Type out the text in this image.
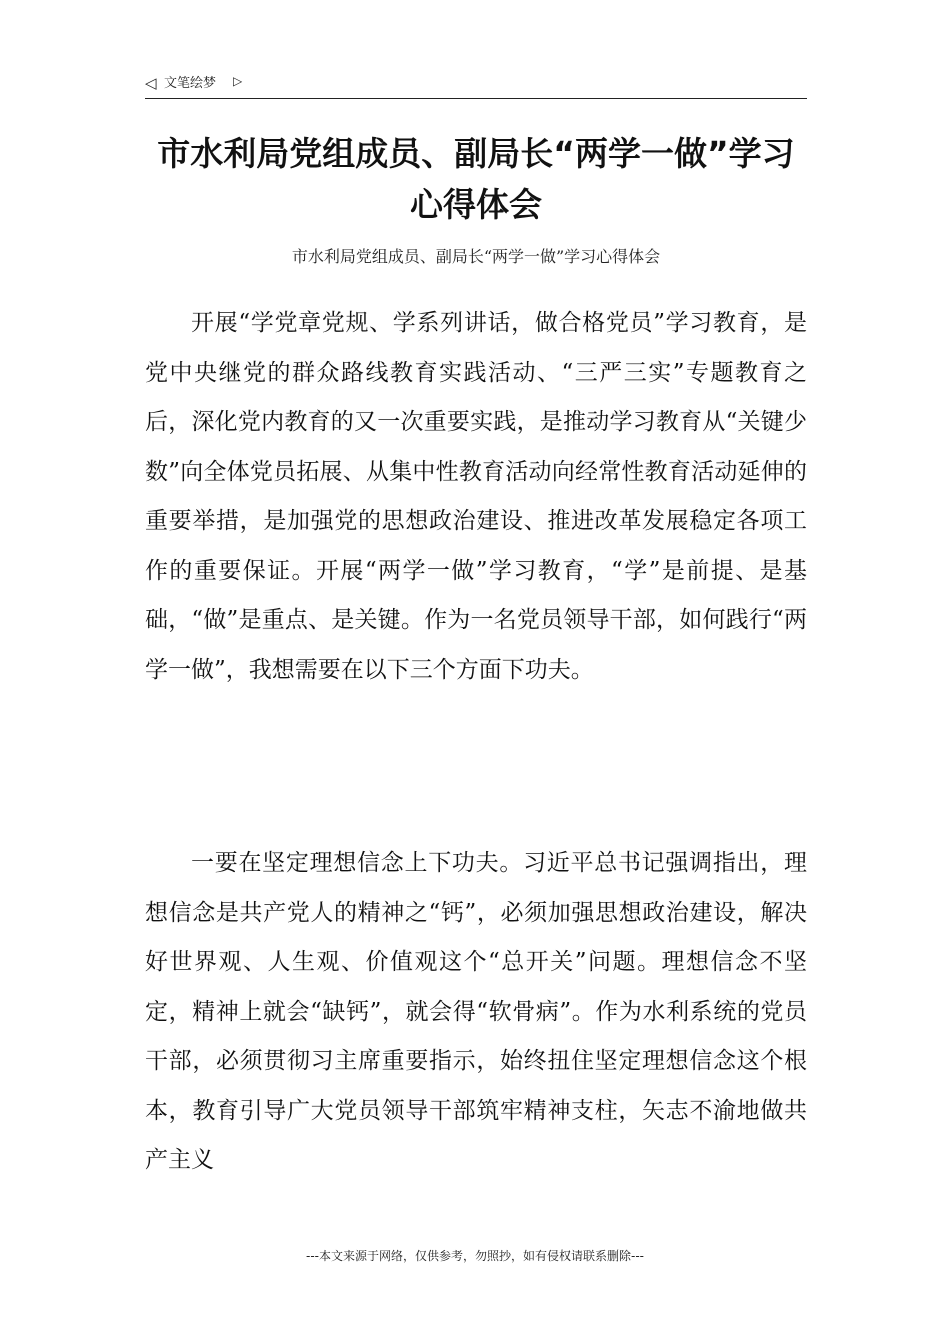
◁ 文笔绘梦 ▷
市水利局党组成员、副局长“两学一做”学习心得体会
市水利局党组成员、副局长“两学一做”学习心得体会

开展“学党章党规、学系列讲话，做合格党员”学习教育，是党中央继党的群众路线教育实践活动、“三严三实”专题教育之后，深化党内教育的又一次重要实践，是推动学习教育从“关键少数”向全体党员拓展、从集中性教育活动向经常性教育活动延伸的重要举措，是加强党的思想政治建设、推进改革发展稳定各项工作的重要保证。开展“两学一做”学习教育，“学”是前提、是基础，“做”是重点、是关键。作为一名党员领导干部，如何践行“两学一做”，我想需要在以下三个方面下功夫。

一要在坚定理想信念上下功夫。习近平总书记强调指出，理想信念是共产党人的精神之“钙”，必须加强思想政治建设，解决好世界观、人生观、价值观这个“总开关”问题。理想信念不坚定，精神上就会“缺钙”，就会得“软骨病”。作为水利系统的党员干部，必须贯彻习主席重要指示，始终扭住坚定理想信念这个根本，教育引导广大党员领导干部筑牢精神支柱，矢志不渝地做共产主义

---本文来源于网络，仅供参考，勿照抄，如有侵权请联系删除---
